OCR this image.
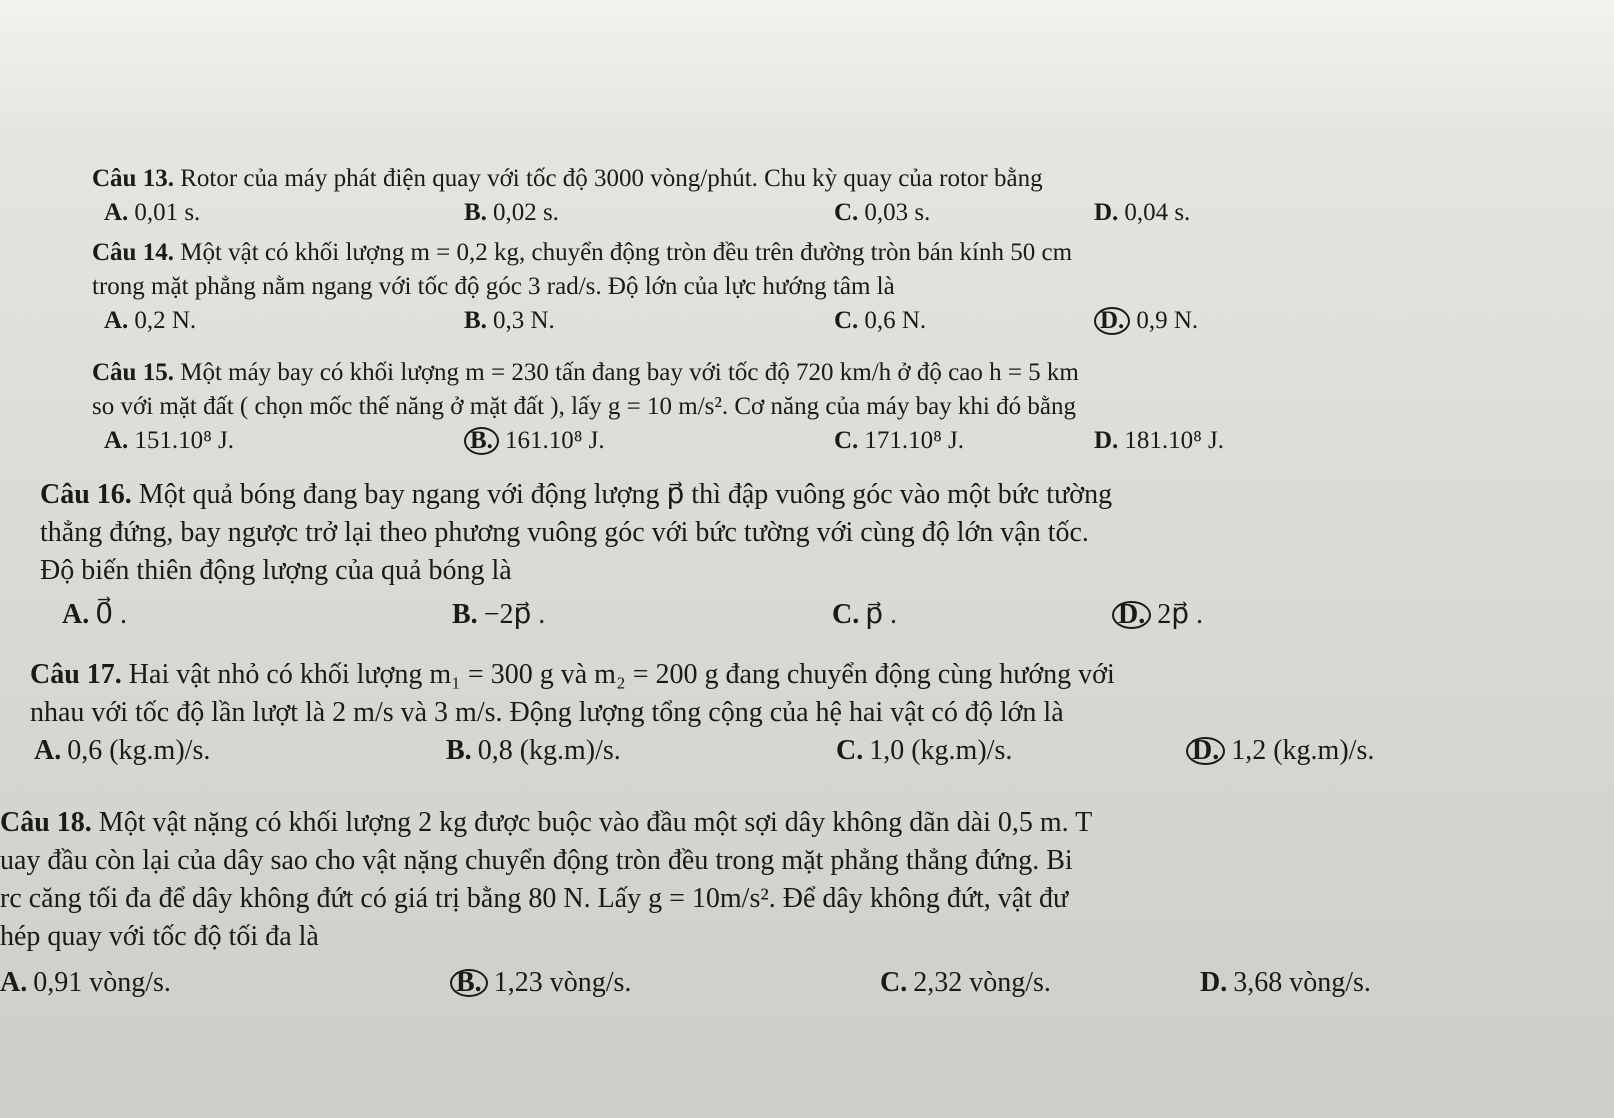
Câu 13. Rotor của máy phát điện quay với tốc độ 3000 vòng/phút. Chu kỳ quay của rotor bằng
A. 0,01 s.	B. 0,02 s.	C. 0,03 s.	D. 0,04 s.
Câu 14. Một vật có khối lượng m = 0,2 kg, chuyển động tròn đều trên đường tròn bán kính 50 cm
trong mặt phẳng nằm ngang với tốc độ góc 3 rad/s. Độ lớn của lực hướng tâm là
A. 0,2 N.	B. 0,3 N.	C. 0,6 N.	D. 0,9 N.
Câu 15. Một máy bay có khối lượng m = 230 tấn đang bay với tốc độ 720 km/h ở độ cao h = 5 km
so với mặt đất ( chọn mốc thế năng ở mặt đất ), lấy g = 10 m/s². Cơ năng của máy bay khi đó bằng
A. 151.10⁸ J.	B. 161.10⁸ J.	C. 171.10⁸ J.	D. 181.10⁸ J.
Câu 16. Một quả bóng đang bay ngang với động lượng p⃗ thì đập vuông góc vào một bức tường
thẳng đứng, bay ngược trở lại theo phương vuông góc với bức tường với cùng độ lớn vận tốc.
Độ biến thiên động lượng của quả bóng là
A. 0⃗ .	B. −2p⃗ .	C. p⃗ .	D. 2p⃗ .
Câu 17. Hai vật nhỏ có khối lượng m₁ = 300 g và m₂ = 200 g đang chuyển động cùng hướng với
nhau với tốc độ lần lượt là 2 m/s và 3 m/s. Động lượng tổng cộng của hệ hai vật có độ lớn là
A. 0,6 (kg.m)/s.	B. 0,8 (kg.m)/s.	C. 1,0 (kg.m)/s.	D. 1,2 (kg.m)/s.
Câu 18. Một vật nặng có khối lượng 2 kg được buộc vào đầu một sợi dây không dãn dài 0,5 m. T
uay đầu còn lại của dây sao cho vật nặng chuyển động tròn đều trong mặt phẳng thẳng đứng. Bi
rc căng tối đa để dây không đứt có giá trị bằng 80 N. Lấy g = 10m/s². Để dây không đứt, vật đư
hép quay với tốc độ tối đa là
A. 0,91 vòng/s.	B. 1,23 vòng/s.	C. 2,32 vòng/s.	D. 3,68 vòng/s.
